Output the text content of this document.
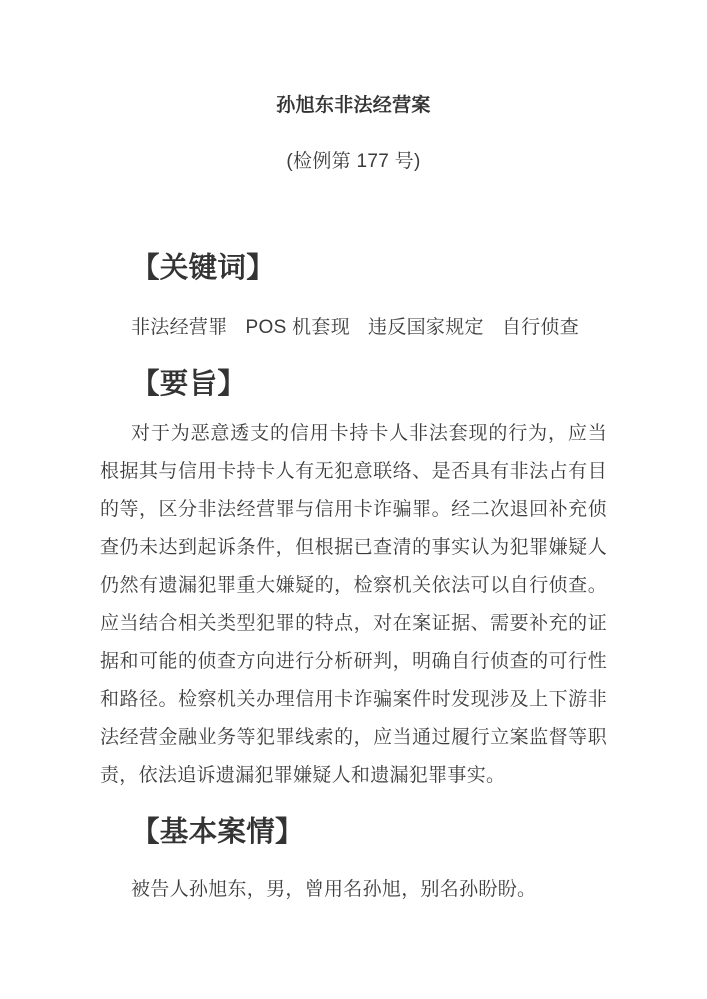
孙旭东非法经营案

(检例第 177 号)

【关键词】
非法经营罪 POS 机套现 违反国家规定 自行侦查
【要旨】

对于为恶意透支的信用卡持卡人非法套现的行为，应当根据其与信用卡持卡人有无犯意联络、是否具有非法占有目的等，区分非法经营罪与信用卡诈骗罪。经二次退回补充侦查仍未达到起诉条件，但根据已查清的事实认为犯罪嫌疑人仍然有遗漏犯罪重大嫌疑的，检察机关依法可以自行侦查。应当结合相关类型犯罪的特点，对在案证据、需要补充的证据和可能的侦查方向进行分析研判，明确自行侦查的可行性和路径。检察机关办理信用卡诈骗案件时发现涉及上下游非法经营金融业务等犯罪线索的，应当通过履行立案监督等职责，依法追诉遗漏犯罪嫌疑人和遗漏犯罪事实。

【基本案情】

被告人孙旭东，男，曾用名孙旭，别名孙盼盼。
